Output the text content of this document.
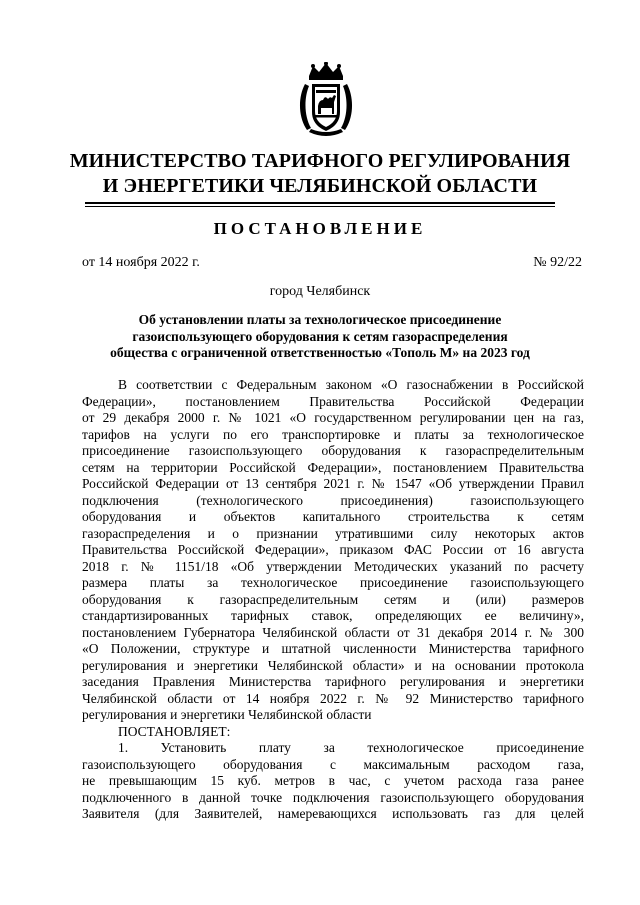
МИНИСТЕРСТВО ТАРИФНОГО РЕГУЛИРОВАНИЯ
И ЭНЕРГЕТИКИ ЧЕЛЯБИНСКОЙ ОБЛАСТИ
ПОСТАНОВЛЕНИЕ
от 14 ноября 2022 г.	№ 92/22
город Челябинск
Об установлении платы за технологическое присоединение
газоиспользующего оборудования к сетям газораспределения
общества с ограниченной ответственностью «Тополь М» на 2023 год
В соответствии с Федеральным законом «О газоснабжении в Российской
Федерации», постановлением Правительства Российской Федерации
от 29 декабря 2000 г. № 1021 «О государственном регулировании цен на газ,
тарифов на услуги по его транспортировке и платы за технологическое
присоединение газоиспользующего оборудования к газораспределительным
сетям на территории Российской Федерации», постановлением Правительства
Российской Федерации от 13 сентября 2021 г. № 1547 «Об утверждении Правил
подключения (технологического присоединения) газоиспользующего
оборудования и объектов капитального строительства к сетям
газораспределения и о признании утратившими силу некоторых актов
Правительства Российской Федерации», приказом ФАС России от 16 августа
2018 г. № 1151/18 «Об утверждении Методических указаний по расчету
размера платы за технологическое присоединение газоиспользующего
оборудования к газораспределительным сетям и (или) размеров
стандартизированных тарифных ставок, определяющих ее величину»,
постановлением Губернатора Челябинской области от 31 декабря 2014 г. № 300
«О Положении, структуре и штатной численности Министерства тарифного
регулирования и энергетики Челябинской области» и на основании протокола
заседания Правления Министерства тарифного регулирования и энергетики
Челябинской области от 14 ноября 2022 г. № 92 Министерство тарифного
регулирования и энергетики Челябинской области
ПОСТАНОВЛЯЕТ:
1. Установить плату за технологическое присоединение
газоиспользующего оборудования с максимальным расходом газа,
не превышающим 15 куб. метров в час, с учетом расхода газа ранее
подключенного в данной точке подключения газоиспользующего оборудования
Заявителя (для Заявителей, намеревающихся использовать газ для целей
